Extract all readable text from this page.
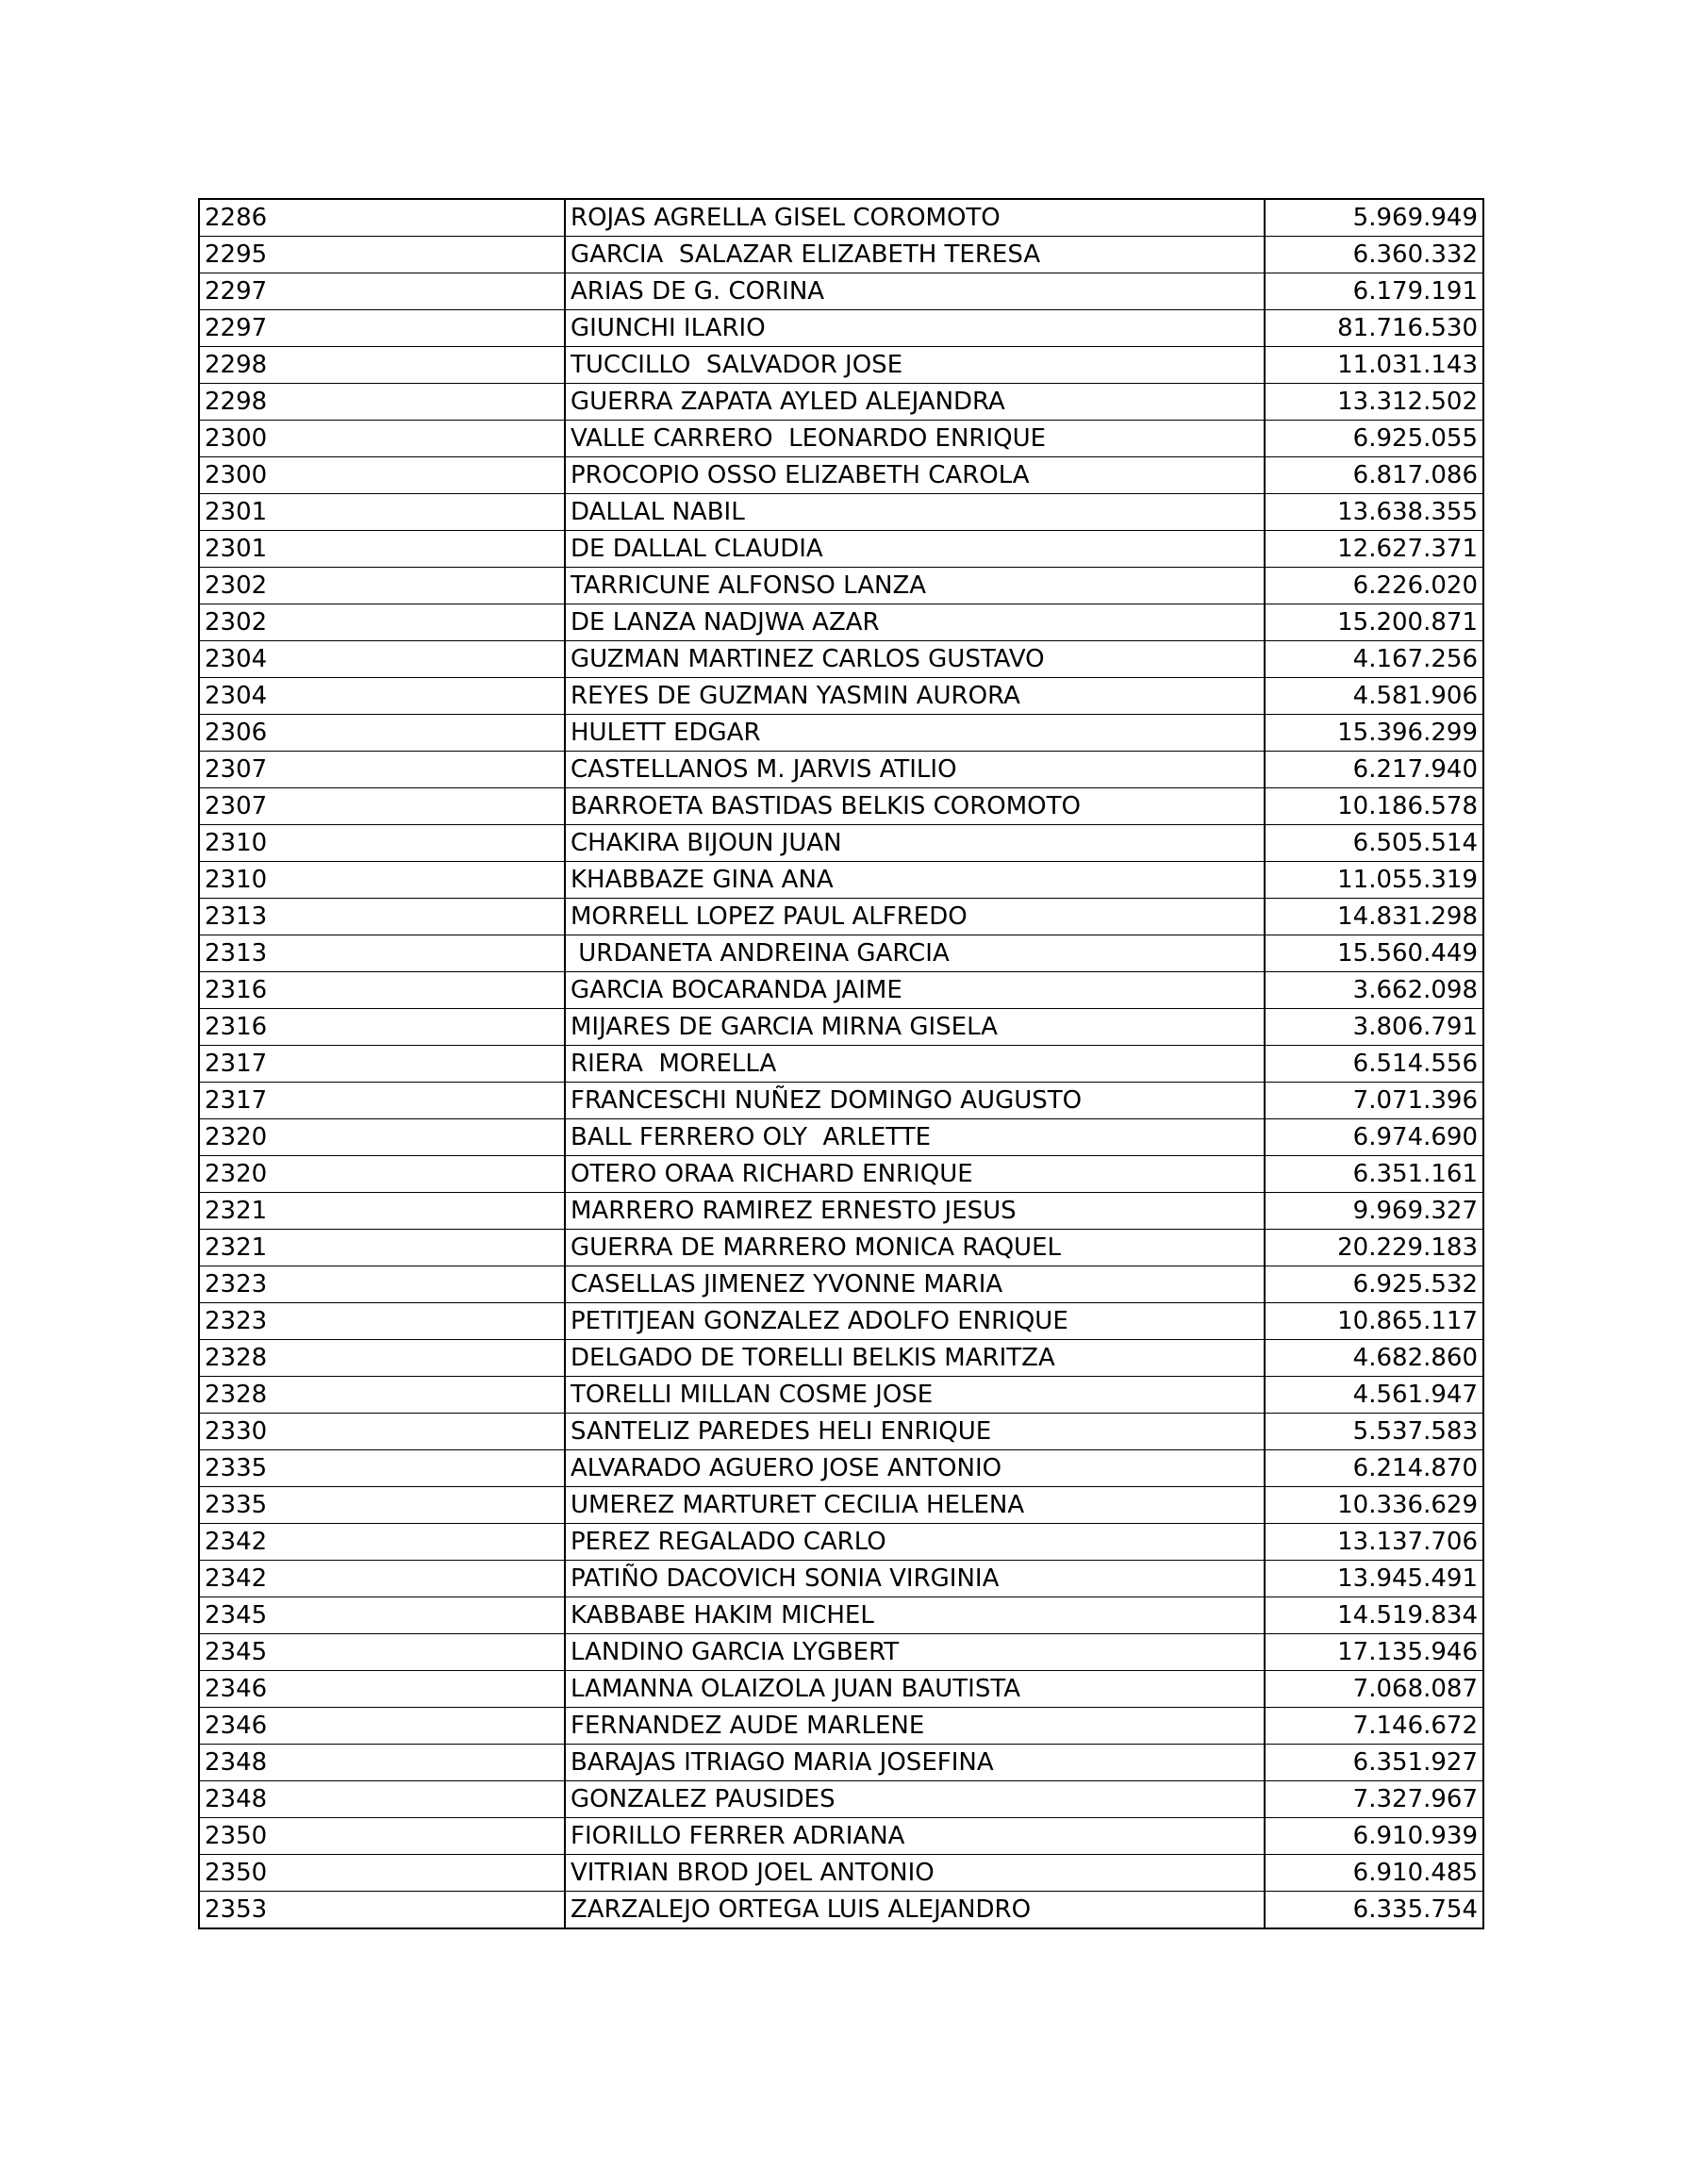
2286	ROJAS AGRELLA GISEL COROMOTO	5.969.949
2295	GARCIA  SALAZAR ELIZABETH TERESA	6.360.332
2297	ARIAS DE G. CORINA	6.179.191
2297	GIUNCHI ILARIO	81.716.530
2298	TUCCILLO  SALVADOR JOSE	11.031.143
2298	GUERRA ZAPATA AYLED ALEJANDRA	13.312.502
2300	VALLE CARRERO  LEONARDO ENRIQUE	6.925.055
2300	PROCOPIO OSSO ELIZABETH CAROLA	6.817.086
2301	DALLAL NABIL	13.638.355
2301	DE DALLAL CLAUDIA	12.627.371
2302	TARRICUNE ALFONSO LANZA	6.226.020
2302	DE LANZA NADJWA AZAR	15.200.871
2304	GUZMAN MARTINEZ CARLOS GUSTAVO	4.167.256
2304	REYES DE GUZMAN YASMIN AURORA	4.581.906
2306	HULETT EDGAR	15.396.299
2307	CASTELLANOS M. JARVIS ATILIO	6.217.940
2307	BARROETA BASTIDAS BELKIS COROMOTO	10.186.578
2310	CHAKIRA BIJOUN JUAN	6.505.514
2310	KHABBAZE GINA ANA	11.055.319
2313	MORRELL LOPEZ PAUL ALFREDO	14.831.298
2313	URDANETA ANDREINA GARCIA	15.560.449
2316	GARCIA BOCARANDA JAIME	3.662.098
2316	MIJARES DE GARCIA MIRNA GISELA	3.806.791
2317	RIERA  MORELLA	6.514.556
2317	FRANCESCHI NUÑEZ DOMINGO AUGUSTO	7.071.396
2320	BALL FERRERO OLY  ARLETTE	6.974.690
2320	OTERO ORAA RICHARD ENRIQUE	6.351.161
2321	MARRERO RAMIREZ ERNESTO JESUS	9.969.327
2321	GUERRA DE MARRERO MONICA RAQUEL	20.229.183
2323	CASELLAS JIMENEZ YVONNE MARIA	6.925.532
2323	PETITJEAN GONZALEZ ADOLFO ENRIQUE	10.865.117
2328	DELGADO DE TORELLI BELKIS MARITZA	4.682.860
2328	TORELLI MILLAN COSME JOSE	4.561.947
2330	SANTELIZ PAREDES HELI ENRIQUE	5.537.583
2335	ALVARADO AGUERO JOSE ANTONIO	6.214.870
2335	UMEREZ MARTURET CECILIA HELENA	10.336.629
2342	PEREZ REGALADO CARLO	13.137.706
2342	PATIÑO DACOVICH SONIA VIRGINIA	13.945.491
2345	KABBABE HAKIM MICHEL	14.519.834
2345	LANDINO GARCIA LYGBERT	17.135.946
2346	LAMANNA OLAIZOLA JUAN BAUTISTA	7.068.087
2346	FERNANDEZ AUDE MARLENE	7.146.672
2348	BARAJAS ITRIAGO MARIA JOSEFINA	6.351.927
2348	GONZALEZ PAUSIDES	7.327.967
2350	FIORILLO FERRER ADRIANA	6.910.939
2350	VITRIAN BROD JOEL ANTONIO	6.910.485
2353	ZARZALEJO ORTEGA LUIS ALEJANDRO	6.335.754
